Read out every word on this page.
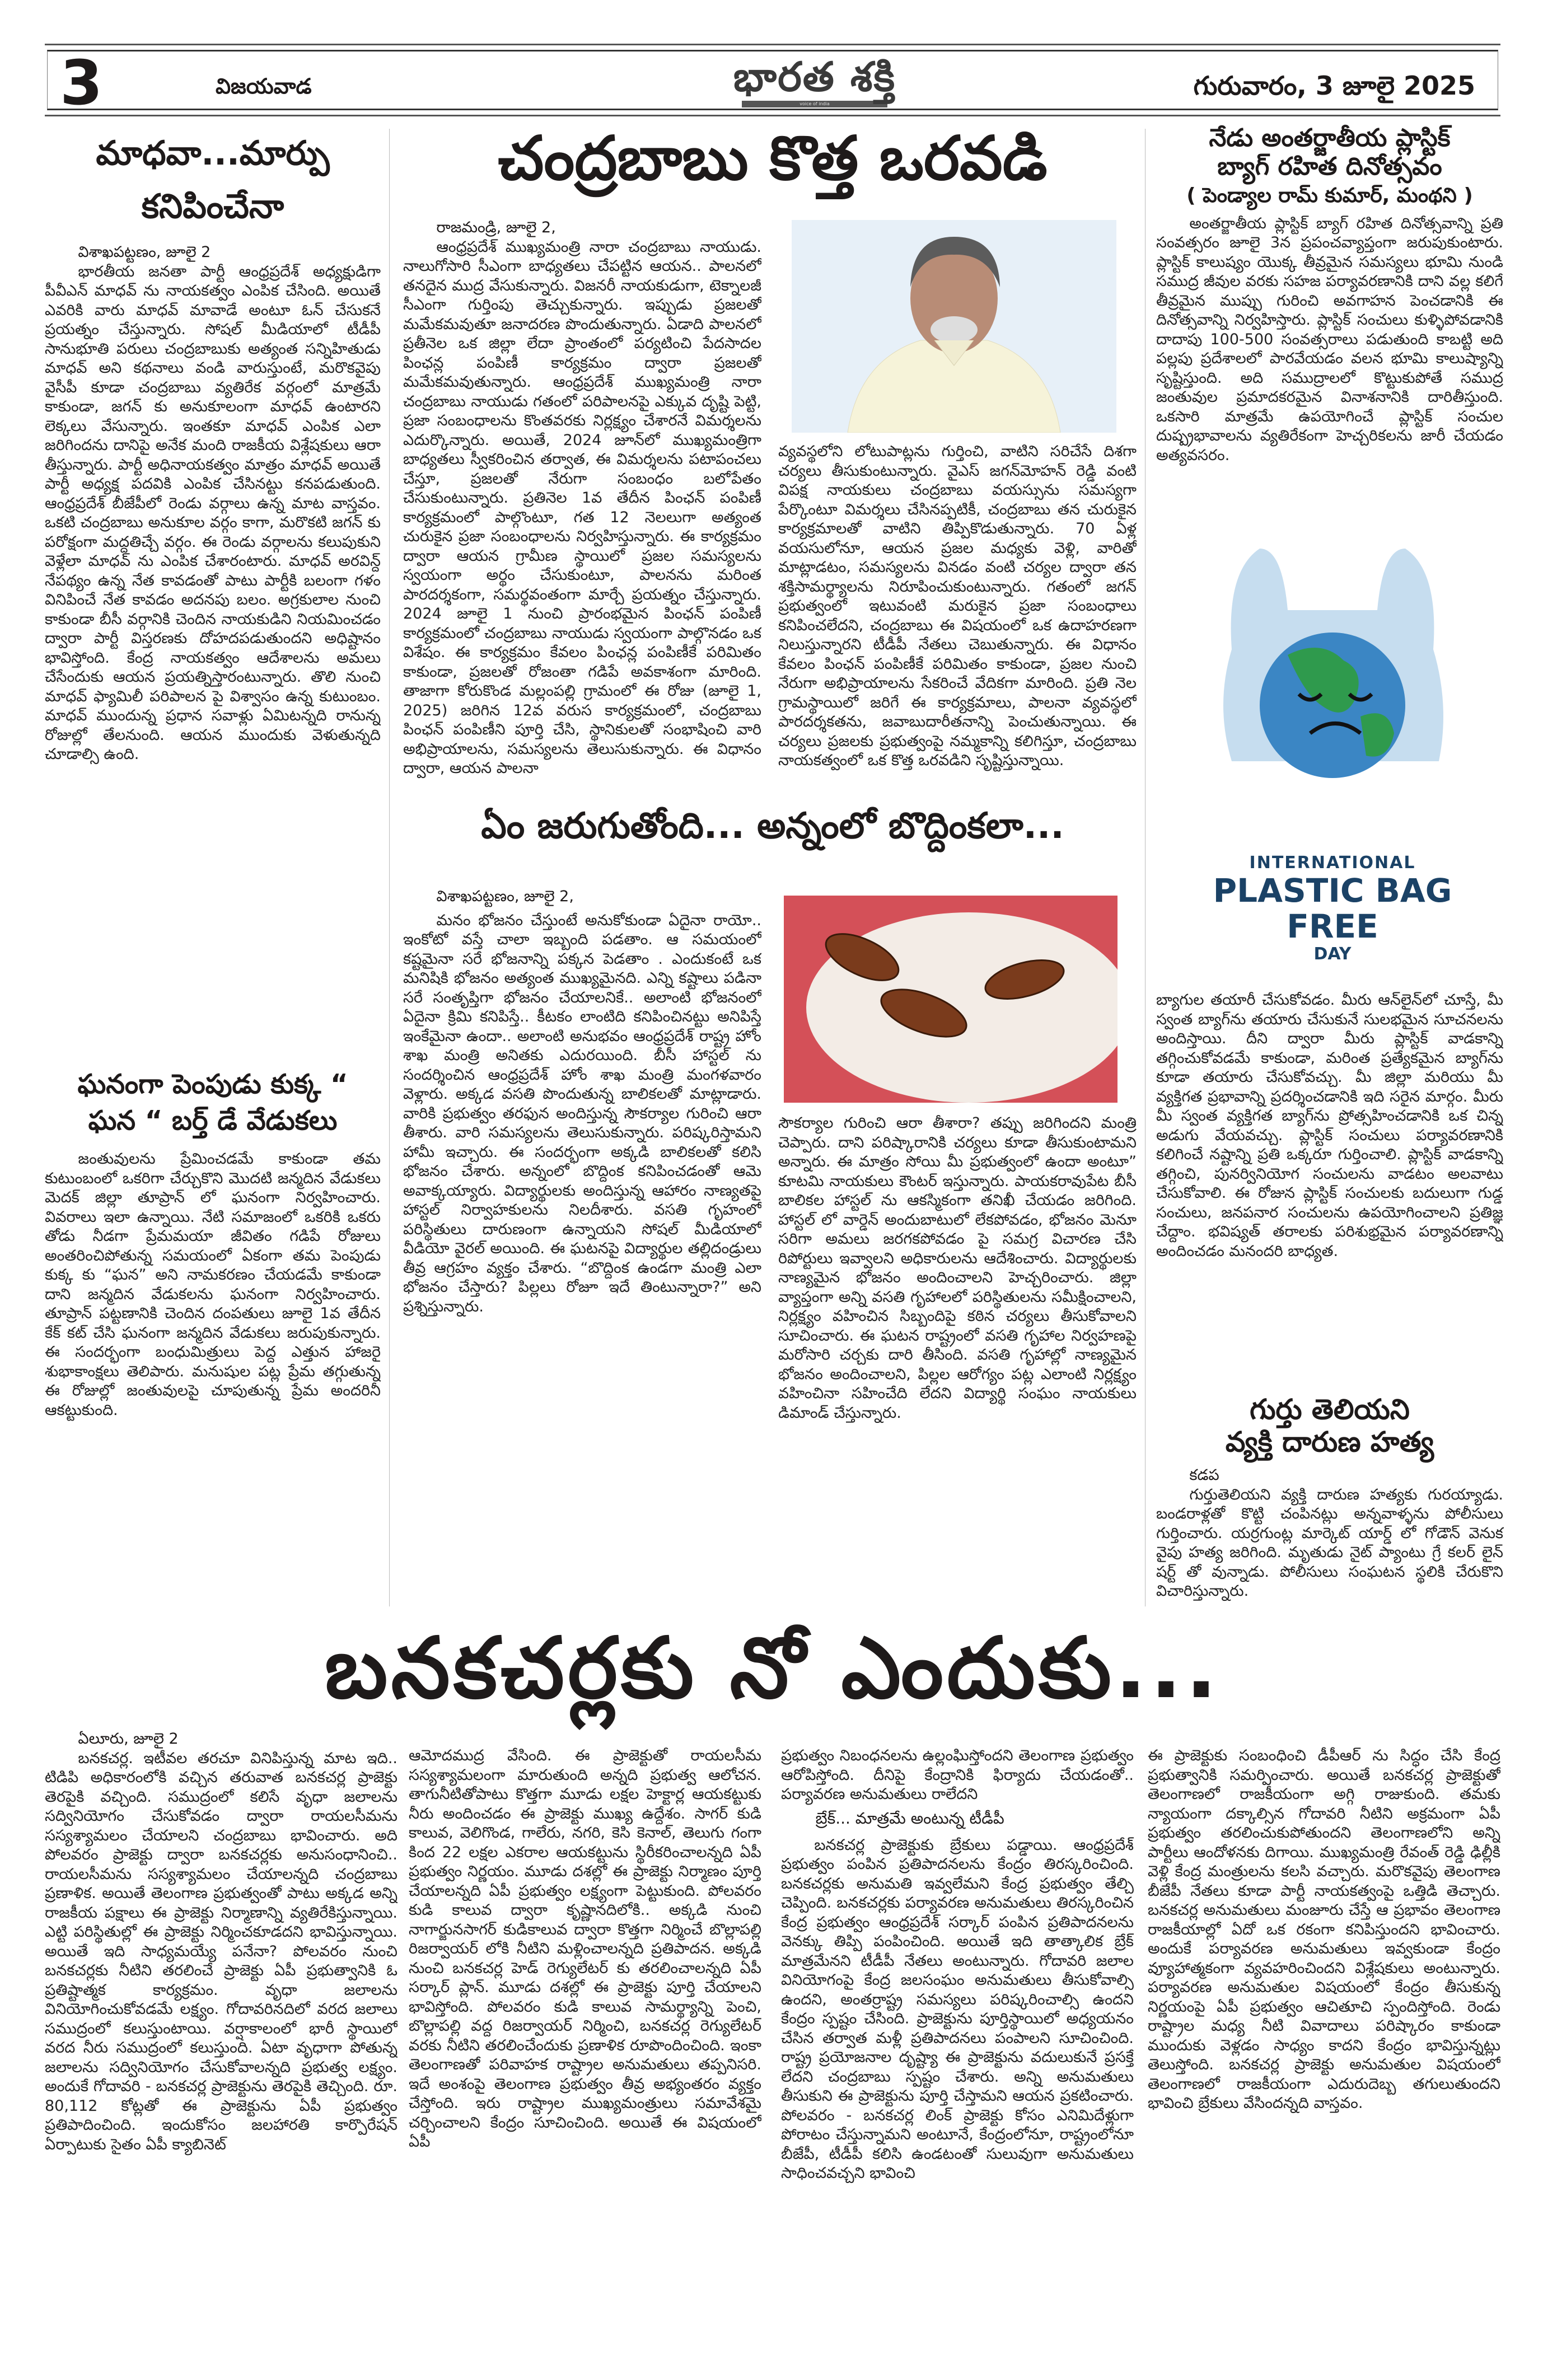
3	విజయవాడ	భారత శక్తి
voice of india
గురువారం, 3 జూలై 2025
మాధవా...మార్పు
కనిపించేనా
విశాఖపట్టణం, జూలై 2

భారతీయ జనతా పార్టీ ఆంధ్రప్రదేశ్ అధ్యక్షుడిగా పీవీఎన్ మాధవ్ ను నాయకత్వం ఎంపిక చేసింది. అయితే ఎవరికి వారు మాధవ్ మావాడే అంటూ ఓన్ చేసుకనే ప్రయత్నం చేస్తున్నారు. సోషల్ మీడియాలో టీడీపీ సానుభూతి పరులు చంద్రబాబుకు అత్యంత సన్నిహితుడు మాధవ్ అని కథనాలు వండి వారుస్తుంటే, మరొకవైపు వైసీపీ కూడా చంద్రబాబు వ్యతిరేక వర్గంలో మాత్రమే కాకుండా, జగన్ కు అనుకూలంగా మాధవ్ ఉంటారని లెక్కలు వేసున్నారు. ఇంతకూ మాధవ్ ఎంపిక ఎలా జరిగిందను దానిపై అనేక మంది రాజకీయ విశ్లేషకులు ఆరా తీస్తున్నారు. పార్టీ అధినాయకత్వం మాత్రం మాధవ్ అయితే పార్టీ అధ్యక్ష పదవికి ఎంపిక చేసినట్టు కనపడుతుంది. ఆంధ్రప్రదేశ్ బీజేపీలో రెండు వర్గాలు ఉన్న మాట వాస్తవం. ఒకటి చంద్రబాబు అనుకూల వర్గం కాగా, మరొకటి జగన్ కు పరోక్షంగా మద్దతిచ్చే వర్గం. ఈ రెండు వర్గాలను కలుపుకుని వెళ్లేలా మాధవ్ ను ఎంపిక చేశారంటారు. మాధవ్ అరవిన్ద్ నేపథ్యం ఉన్న నేత కావడంతో పాటు పార్టీకి బలంగా గళం వినిపించే నేత కావడం అదనపు బలం. అగ్రకులాల నుంచి కాకుండా బీసీ వర్గానికి చెందిన నాయకుడిని నియమించడం ద్వారా పార్టీ విస్తరణకు దోహదపడుతుందని అధిష్టానం భావిస్తోంది. కేంద్ర నాయకత్వం ఆదేశాలను అమలు చేసేందుకు ఆయన ప్రయత్నిస్తారంటున్నారు. తొలి నుంచి మాధవ్ ఫ్యామిలీ పరిపాలన పై విశ్వాసం ఉన్న కుటుంబం. మాధవ్ ముందున్న ప్రధాన సవాళ్లు ఏమిటన్నది రానున్న రోజుల్లో తేలనుంది. ఆయన ముందుకు వెళుతున్నది చూడాల్సి ఉంది.

ఘనంగా పెంపుడు కుక్క “
ఘన “ బర్త్ డే వేడుకలు

జంతువులను ప్రేమించడమే కాకుండా తమ కుటుంబంలో ఒకరిగా చేర్చుకొని మొదటి జన్మదిన వేడుకలు మెదక్ జిల్లా తూప్రాన్ లో ఘనంగా నిర్వహించారు. వివరాలు ఇలా ఉన్నాయి. నేటి సమాజంలో ఒకరికి ఒకరు తోడు నీడగా ప్రేమమయా జీవితం గడిపే రోజులు అంతరించిపోతున్న సమయంలో ఏకంగా తమ పెంపుడు కుక్క కు “ఘన” అని నామకరణం చేయడమే కాకుండా దాని జన్మదిన వేడుకలను ఘనంగా నిర్వహించారు. తూప్రాన్ పట్టణానికి చెందిన దంపతులు జూలై 1వ తేదీన కేక్ కట్ చేసి ఘనంగా జన్మదిన వేడుకలు జరుపుకున్నారు. ఈ సందర్భంగా బంధుమిత్రులు పెద్ద ఎత్తున హాజరై శుభాకాంక్షలు తెలిపారు. మనుషుల పట్ల ప్రేమ తగ్గుతున్న ఈ రోజుల్లో జంతువులపై చూపుతున్న ప్రేమ అందరినీ ఆకట్టుకుంది.

చంద్రబాబు కొత్త ఒరవడి
రాజమండ్రి, జూలై 2,

ఆంధ్రప్రదేశ్ ముఖ్యమంత్రి నారా చంద్రబాబు నాయుడు. నాలుగోసారి సీఎంగా బాధ్యతలు చేపట్టిన ఆయన.. పాలనలో తనదైన ముద్ర వేసుకున్నారు. విజనరీ నాయకుడుగా, టెక్నాలజీ సీఎంగా గుర్తింపు తెచ్చుకున్నారు. ఇప్పుడు ప్రజలతో మమేకమవుతూ జనాదరణ పొందుతున్నారు. ఏడాది పాలనలో ప్రతీనెల ఒక జిల్లా లేదా ప్రాంతంలో పర్యటించి పేదసాదల పింఛన్ల పంపిణీ కార్యక్రమం ద్వారా ప్రజలతో మమేకమవుతున్నారు. ఆంధ్రప్రదేశ్ ముఖ్యమంత్రి నారా చంద్రబాబు నాయుడు గతంలో పరిపాలనపై ఎక్కువ దృష్టి పెట్టి, ప్రజా సంబంధాలను కొంతవరకు నిర్లక్ష్యం చేశారనే విమర్శలను ఎదుర్కొన్నారు. అయితే, 2024 జూన్‌లో ముఖ్యమంత్రిగా బాధ్యతలు స్వీకరించిన తర్వాత, ఈ విమర్శలను పటాపంచలు చేస్తూ, ప్రజలతో నేరుగా సంబంధం బలోపేతం చేసుకుంటున్నారు. ప్రతినెల 1వ తేదీన పింఛన్ పంపిణీ కార్యక్రమంలో పాల్గొంటూ, గత 12 నెలలుగా అత్యంత చురుకైన ప్రజా సంబంధాలను నిర్వహిస్తున్నారు. ఈ కార్యక్రమం ద్వారా ఆయన గ్రామీణ స్థాయిలో ప్రజల సమస్యలను స్వయంగా అర్థం చేసుకుంటూ, పాలనను మరింత పారదర్శకంగా, సమర్థవంతంగా మార్చే ప్రయత్నం చేస్తున్నారు. 2024 జూలై 1 నుంచి ప్రారంభమైన పింఛన్ పంపిణీ కార్యక్రమంలో చంద్రబాబు నాయుడు స్వయంగా పాల్గొనడం ఒక విశేషం. ఈ కార్యక్రమం కేవలం పింఛన్ల పంపిణీకే పరిమితం కాకుండా, ప్రజలతో రోజంతా గడిపే అవకాశంగా మారింది. తాజాగా కోరుకొండ మల్లంపల్లి గ్రామంలో ఈ రోజు (జూలై 1, 2025) జరిగిన 12వ వరుస కార్యక్రమంలో, చంద్రబాబు పింఛన్ పంపిణీని పూర్తి చేసి, స్థానికులతో సంభాషించి వారి అభిప్రాయాలను, సమస్యలను తెలుసుకున్నారు. ఈ విధానం ద్వారా, ఆయన పాలనా

వ్యవస్థలోని లోటుపాట్లను గుర్తించి, వాటిని సరిచేసే దిశగా చర్యలు తీసుకుంటున్నారు. వైఎస్ జగన్‌మోహన్ రెడ్డి వంటి విపక్ష నాయకులు చంద్రబాబు వయస్సును సమస్యగా పేర్కొంటూ విమర్శలు చేసినప్పటికీ, చంద్రబాబు తన చురుకైన కార్యక్రమాలతో వాటిని తిప్పికొడుతున్నారు. 70 ఏళ్ల వయసులోనూ, ఆయన ప్రజల మధ్యకు వెళ్లి, వారితో మాట్లాడటం, సమస్యలను వినడం వంటి చర్యల ద్వారా తన శక్తిసామర్థ్యాలను నిరూపించుకుంటున్నారు. గతంలో జగన్ ప్రభుత్వంలో ఇటువంటి మరుకైన ప్రజా సంబంధాలు కనిపించలేదని, చంద్రబాబు ఈ విషయంలో ఒక ఉదాహరణగా నిలుస్తున్నారని టీడీపీ నేతలు చెబుతున్నారు. ఈ విధానం కేవలం పింఛన్ పంపిణీకే పరిమితం కాకుండా, ప్రజల నుంచి నేరుగా అభిప్రాయాలను సేకరించే వేదికగా మారింది. ప్రతి నెల గ్రామస్థాయిలో జరిగే ఈ కార్యక్రమాలు, పాలనా వ్యవస్థలో పారదర్శకతను, జవాబుదారీతనాన్ని పెంచుతున్నాయి. ఈ చర్యలు ప్రజలకు ప్రభుత్వంపై నమ్మకాన్ని కలిగిస్తూ, చంద్రబాబు నాయకత్వంలో ఒక కొత్త ఒరవడిని సృష్టిస్తున్నాయి.

ఏం జరుగుతోంది... అన్నంలో బొద్దింకలా...
విశాఖపట్టణం, జూలై 2,

మనం భోజనం చేస్తుంటే అనుకోకుండా ఏదైనా రాయో.. ఇంకోటో వస్తే చాలా ఇబ్బంది పడతాం. ఆ సమయంలో కష్టమైనా సరే భోజనాన్ని పక్కన పెడతాం . ఎందుకంటే ఒక మనిషికి భోజనం అత్యంత ముఖ్యమైనది. ఎన్ని కష్టాలు పడినా సరే సంతృప్తిగా భోజనం చేయాలనికే.. అలాంటి భోజనంలో ఏదైనా క్రిమి కనిపిస్తే.. కీటకం లాంటిది కనిపించినట్టు అనిపిస్తే ఇంకేమైనా ఉందా.. అలాంటి అనుభవం ఆంధ్రప్రదేశ్ రాష్ట్ర హోం శాఖ మంత్రి అనితకు ఎదురయింది. బీసీ హాస్టల్ ను సందర్శించిన ఆంధ్రప్రదేశ్ హోం శాఖ మంత్రి మంగళవారం వెళ్లారు. అక్కడ వసతి పొందుతున్న బాలికలతో మాట్లాడారు. వారికి ప్రభుత్వం తరఫున అందిస్తున్న సౌకర్యాల గురించి ఆరా తీశారు. వారి సమస్యలను తెలుసుకున్నారు. పరిష్కరిస్తామని హామీ ఇచ్చారు. ఈ సందర్భంగా అక్కడి బాలికలతో కలిసి భోజనం చేశారు. అన్నంలో బొద్దింక కనిపించడంతో ఆమె అవాక్కయ్యారు. విద్యార్థులకు అందిస్తున్న ఆహారం నాణ్యతపై హాస్టల్ నిర్వాహకులను నిలదీశారు. వసతి గృహంలో పరిస్థితులు దారుణంగా ఉన్నాయని సోషల్ మీడియాలో వీడియో వైరల్ అయింది. ఈ ఘటనపై విద్యార్థుల తల్లిదండ్రులు తీవ్ర ఆగ్రహం వ్యక్తం చేశారు. “బొద్దింక ఉండగా మంత్రి ఎలా భోజనం చేస్తారు? పిల్లలు రోజూ ఇదే తింటున్నారా?” అని ప్రశ్నిస్తున్నారు.

సౌకర్యాల గురించి ఆరా తీశారా? తప్పు జరిగిందని మంత్రి చెప్పారు. దాని పరిష్కారానికి చర్యలు కూడా తీసుకుంటామని అన్నారు. ఈ మాత్రం సోయి మీ ప్రభుత్వంలో ఉందా అంటూ” కూటమి నాయకులు కౌంటర్ ఇస్తున్నారు. పాయకరావుపేట బీసీ బాలికల హాస్టల్ ను ఆకస్మికంగా తనిఖీ చేయడం జరిగింది. హాస్టల్ లో వార్డెన్ అందుబాటులో లేకపోవడం, భోజనం మెనూ సరిగా అమలు జరగకపోవడం పై సమగ్ర విచారణ చేసి రిపోర్టులు ఇవ్వాలని అధికారులను ఆదేశించారు. విద్యార్థులకు నాణ్యమైన భోజనం అందించాలని హెచ్చరించారు. జిల్లా వ్యాప్తంగా అన్ని వసతి గృహాలలో పరిస్థితులను సమీక్షించాలని, నిర్లక్ష్యం వహించిన సిబ్బందిపై కఠిన చర్యలు తీసుకోవాలని సూచించారు. ఈ ఘటన రాష్ట్రంలో వసతి గృహాల నిర్వహణపై మరోసారి చర్చకు దారి తీసింది. వసతి గృహాల్లో నాణ్యమైన భోజనం అందించాలని, పిల్లల ఆరోగ్యం పట్ల ఎలాంటి నిర్లక్ష్యం వహించినా సహించేది లేదని విద్యార్థి సంఘం నాయకులు డిమాండ్ చేస్తున్నారు.

నేడు అంతర్జాతీయ ప్లాస్టిక్
బ్యాగ్ రహిత దినోత్సవం
( పెండ్యాల రామ్ కుమార్, మంథని )

అంతర్జాతీయ ప్లాస్టిక్ బ్యాగ్ రహిత దినోత్సవాన్ని ప్రతి సంవత్సరం జూలై 3న ప్రపంచవ్యాప్తంగా జరుపుకుంటారు. ప్లాస్టిక్ కాలుష్యం యొక్క తీవ్రమైన సమస్యలు భూమి నుండి సముద్ర జీవుల వరకు సహజ పర్యావరణానికి దాని వల్ల కలిగే తీవ్రమైన ముప్పు గురించి అవగాహన పెంచడానికి ఈ దినోత్సవాన్ని నిర్వహిస్తారు. ప్లాస్టిక్ సంచులు కుళ్ళిపోవడానికి దాదాపు 100-500 సంవత్సరాలు పడుతుంది కాబట్టి అది పల్లపు ప్రదేశాలలో పారవేయడం వలన భూమి కాలుష్యాన్ని సృష్టిస్తుంది. అది సముద్రాలలో కొట్టుకుపోతే సముద్ర జంతువుల ప్రమాదకరమైన వినాశనానికి దారితీస్తుంది. ఒకసారి మాత్రమే ఉపయోగించే ప్లాస్టిక్ సంచుల దుష్ప్రభావాలను వ్యతిరేకంగా హెచ్చరికలను జారీ చేయడం అత్యవసరం.

INTERNATIONAL
PLASTIC BAG FREE
DAY

బ్యాగుల తయారీ చేసుకోవడం. మీరు ఆన్‌లైన్‌లో చూస్తే, మీ స్వంత బ్యాగ్‌ను తయారు చేసుకునే సులభమైన సూచనలను అందిస్తాయి. దీని ద్వారా మీరు ప్లాస్టిక్ వాడకాన్ని తగ్గించుకోవడమే కాకుండా, మరింత ప్రత్యేకమైన బ్యాగ్‌ను కూడా తయారు చేసుకోవచ్చు. మీ జిల్లా మరియు మీ వ్యక్తిగత ప్రభావాన్ని ప్రదర్శించడానికి ఇది సరైన మార్గం. మీరు మీ స్వంత వ్యక్తిగత బ్యాగ్‌ను ప్రోత్సహించడానికి ఒక చిన్న అడుగు వేయవచ్చు. ప్లాస్టిక్ సంచులు పర్యావరణానికి కలిగించే నష్టాన్ని ప్రతి ఒక్కరూ గుర్తించాలి. ప్లాస్టిక్ వాడకాన్ని తగ్గించి, పునర్వినియోగ సంచులను వాడటం అలవాటు చేసుకోవాలి. ఈ రోజున ప్లాస్టిక్ సంచులకు బదులుగా గుడ్డ సంచులు, జనపనార సంచులను ఉపయోగించాలని ప్రతిజ్ఞ చేద్దాం. భవిష్యత్ తరాలకు పరిశుభ్రమైన పర్యావరణాన్ని అందించడం మనందరి బాధ్యత.

గుర్తు తెలియని
వ్యక్తి దారుణ హత్య
కడప

గుర్తుతెలియని వ్యక్తి దారుణ హత్యకు గురయ్యాడు. బండరాళ్లతో కొట్టి చంపినట్లు అన్నవాళ్ళను పోలీసులు గుర్తించారు. యర్రగుంట్ల మార్కెట్ యార్డ్ లో గోడౌన్ వెనుక వైపు హత్య జరిగింది. మృతుడు నైట్ ప్యాంటు గ్రే కలర్ లైన్ షర్ట్ తో వున్నాడు. పోలీసులు సంఘటన స్థలికి చేరుకొని విచారిస్తున్నారు.

బనకచర్లకు నో ఎందుకు...
ఏలూరు, జూలై 2

బనకచర్ల. ఇటీవల తరచూ వినిపిస్తున్న మాట ఇది.. టిడిపి అధికారంలోకి వచ్చిన తరువాత బనకచర్ల ప్రాజెక్టు తెరపైకి వచ్చింది. సముద్రంలో కలిసే వృధా జలాలను సద్వినియోగం చేసుకోవడం ద్వారా రాయలసీమను సస్యశ్యామలం చేయాలని చంద్రబాబు భావించారు. అది పోలవరం ప్రాజెక్టు ద్వారా బనకచర్లకు అనుసంధానించి.. రాయలసీమను సస్యశ్యామలం చేయాలన్నది చంద్రబాబు ప్రణాళిక. అయితే తెలంగాణ ప్రభుత్వంతో పాటు అక్కడ అన్ని రాజకీయ పక్షాలు ఈ ప్రాజెక్టు నిర్మాణాన్ని వ్యతిరేకిస్తున్నాయి. ఎట్టి పరిస్థితుల్లో ఈ ప్రాజెక్టు నిర్మించకూడదని భావిస్తున్నాయి. అయితే ఇది సాధ్యమయ్యే పనేనా? పోలవరం నుంచి బనకచర్లకు నీటిని తరలించే ప్రాజెక్టు ఏపీ ప్రభుత్వానికి ఓ ప్రతిష్టాత్మక కార్యక్రమం. వృధా జలాలను వినియోగించుకోవడమే లక్ష్యం. గోదావరినదిలో వరద జలాలు సముద్రంలో కలుస్తుంటాయి. వర్షాకాలంలో భారీ స్థాయిలో వరద నీరు సముద్రంలో కలుస్తుంది. ఏటా వృధాగా పోతున్న జలాలను సద్వినియోగం చేసుకోవాలన్నది ప్రభుత్వ లక్ష్యం. అందుకే గోదావరి - బనకచర్ల ప్రాజెక్టును తెరపైకి తెచ్చింది. రూ. 80,112 కోట్లతో ఈ ప్రాజెక్టును ఏపీ ప్రభుత్వం ప్రతిపాదించింది. ఇందుకోసం జలహారతి కార్పొరేషన్ ఏర్పాటుకు సైతం ఏపీ క్యాబినెట్

ఆమోదముద్ర వేసింది. ఈ ప్రాజెక్టుతో రాయలసీమ సస్యశ్యామలంగా మారుతుంది అన్నది ప్రభుత్వ ఆలోచన. తాగునీటితోపాటు కొత్తగా మూడు లక్షల హెక్టార్ల ఆయకట్టుకు నీరు అందించడం ఈ ప్రాజెక్టు ముఖ్య ఉద్దేశం. సాగర్ కుడి కాలువ, వెలిగొండ, గాలేరు, నగరి, కెసి కెనాల్, తెలుగు గంగా కింద 22 లక్షల ఎకరాల ఆయకట్టును స్థిరీకరించాలన్నది ఏపీ ప్రభుత్వం నిర్ణయం. మూడు దశల్లో ఈ ప్రాజెక్టు నిర్మాణం పూర్తి చేయాలన్నది ఏపీ ప్రభుత్వం లక్ష్యంగా పెట్టుకుంది. పోలవరం కుడి కాలువ ద్వారా కృష్ణానదిలోకి.. అక్కడి నుంచి నాగార్జునసాగర్ కుడికాలువ ద్వారా కొత్తగా నిర్మించే బొల్లాపల్లి రిజర్వాయర్ లోకి నీటిని మళ్లించాలన్నది ప్రతిపాదన. అక్కడి నుంచి బనకచర్ల హెడ్ రెగ్యులేటర్ కు తరలించాలన్నది ఏపీ సర్కార్ ప్లాన్. మూడు దశల్లో ఈ ప్రాజెక్టు పూర్తి చేయాలని భావిస్తోంది. పోలవరం కుడి కాలువ సామర్థ్యాన్ని పెంచి, బొల్లాపల్లి వద్ద రిజర్వాయర్ నిర్మించి, బనకచర్ల రెగ్యులేటర్ వరకు నీటిని తరలించేందుకు ప్రణాళిక రూపొందించింది. ఇంకా తెలంగాణతో పరివాహక రాష్ట్రాల అనుమతులు తప్పనిసరి. ఇదే అంశంపై తెలంగాణ ప్రభుత్వం తీవ్ర అభ్యంతరం వ్యక్తం చేస్తోంది. ఇరు రాష్ట్రాల ముఖ్యమంత్రులు సమావేశమై చర్చించాలని కేంద్రం సూచించింది. అయితే ఈ విషయంలో ఏపీ

ప్రభుత్వం నిబంధనలను ఉల్లంఘిస్తోందని తెలంగాణ ప్రభుత్వం ఆరోపిస్తోంది. దీనిపై కేంద్రానికి ఫిర్యాదు చేయడంతో.. పర్యావరణ అనుమతులు రాలేదని

బ్రేక్... మాత్రమే అంటున్న టీడీపీ

బనకచర్ల ప్రాజెక్టుకు బ్రేకులు పడ్డాయి. ఆంధ్రప్రదేశ్ ప్రభుత్వం పంపిన ప్రతిపాదనలను కేంద్రం తిరస్కరించింది. బనకచర్లకు అనుమతి ఇవ్వలేమని కేంద్ర ప్రభుత్వం తేల్చి చెప్పింది. బనకచర్లకు పర్యావరణ అనుమతులు తిరస్కరించిన కేంద్ర ప్రభుత్వం ఆంధ్రప్రదేశ్ సర్కార్ పంపిన ప్రతిపాదనలను వెనక్కు తిప్పి పంపించింది. అయితే ఇది తాత్కాలిక బ్రేక్ మాత్రమేనని టీడీపీ నేతలు అంటున్నారు. గోదావరి జలాల వినియోగంపై కేంద్ర జలసంఘం అనుమతులు తీసుకోవాల్సి ఉందని, అంతర్రాష్ట్ర సమస్యలు పరిష్కరించాల్సి ఉందని కేంద్రం స్పష్టం చేసింది. ప్రాజెక్టును పూర్తిస్థాయిలో అధ్యయనం చేసిన తర్వాత మళ్లీ ప్రతిపాదనలు పంపాలని సూచించింది. రాష్ట్ర ప్రయోజనాల దృష్ట్యా ఈ ప్రాజెక్టును వదులుకునే ప్రసక్తే లేదని చంద్రబాబు స్పష్టం చేశారు. అన్ని అనుమతులు తీసుకుని ఈ ప్రాజెక్టును పూర్తి చేస్తామని ఆయన ప్రకటించారు. పోలవరం - బనకచర్ల లింక్ ప్రాజెక్టు కోసం ఎనిమిదేళ్లుగా పోరాటం చేస్తున్నామని అంటూనే, కేంద్రంలోనూ, రాష్ట్రంలోనూ బీజేపీ, టీడీపీ కలిసి ఉండటంతో సులువుగా అనుమతులు సాధించవచ్చని భావించి

ఈ ప్రాజెక్టుకు సంబంధించి డీపీఆర్ ను సిద్ధం చేసి కేంద్ర ప్రభుత్వానికి సమర్పించారు. అయితే బనకచర్ల ప్రాజెక్టుతో తెలంగాణలో రాజకీయంగా అగ్గి రాజుకుంది. తమకు న్యాయంగా దక్కాల్సిన గోదావరి నీటిని అక్రమంగా ఏపీ ప్రభుత్వం తరలించుకుపోతుందని తెలంగాణలోని అన్ని పార్టీలు ఆందోళనకు దిగాయి. ముఖ్యమంత్రి రేవంత్ రెడ్డి ఢిల్లీకి వెళ్లి కేంద్ర మంత్రులను కలసి వచ్చారు. మరొకవైపు తెలంగాణ బీజేపీ నేతలు కూడా పార్టీ నాయకత్వంపై ఒత్తిడి తెచ్చారు. బనకచర్ల అనుమతులు మంజూరు చేస్తే ఆ ప్రభావం తెలంగాణ రాజకీయాల్లో ఏదో ఒక రకంగా కనిపిస్తుందని భావించారు. అందుకే పర్యావరణ అనుమతులు ఇవ్వకుండా కేంద్రం వ్యూహాత్మకంగా వ్యవహరించిందని విశ్లేషకులు అంటున్నారు. పర్యావరణ అనుమతుల విషయంలో కేంద్రం తీసుకున్న నిర్ణయంపై ఏపీ ప్రభుత్వం ఆచితూచి స్పందిస్తోంది. రెండు రాష్ట్రాల మధ్య నీటి వివాదాలు పరిష్కారం కాకుండా ముందుకు వెళ్లడం సాధ్యం కాదని కేంద్రం భావిస్తున్నట్లు తెలుస్తోంది. బనకచర్ల ప్రాజెక్టు అనుమతుల విషయంలో తెలంగాణలో రాజకీయంగా ఎదురుదెబ్బ తగులుతుందని భావించి బ్రేకులు వేసిందన్నది వాస్తవం.
